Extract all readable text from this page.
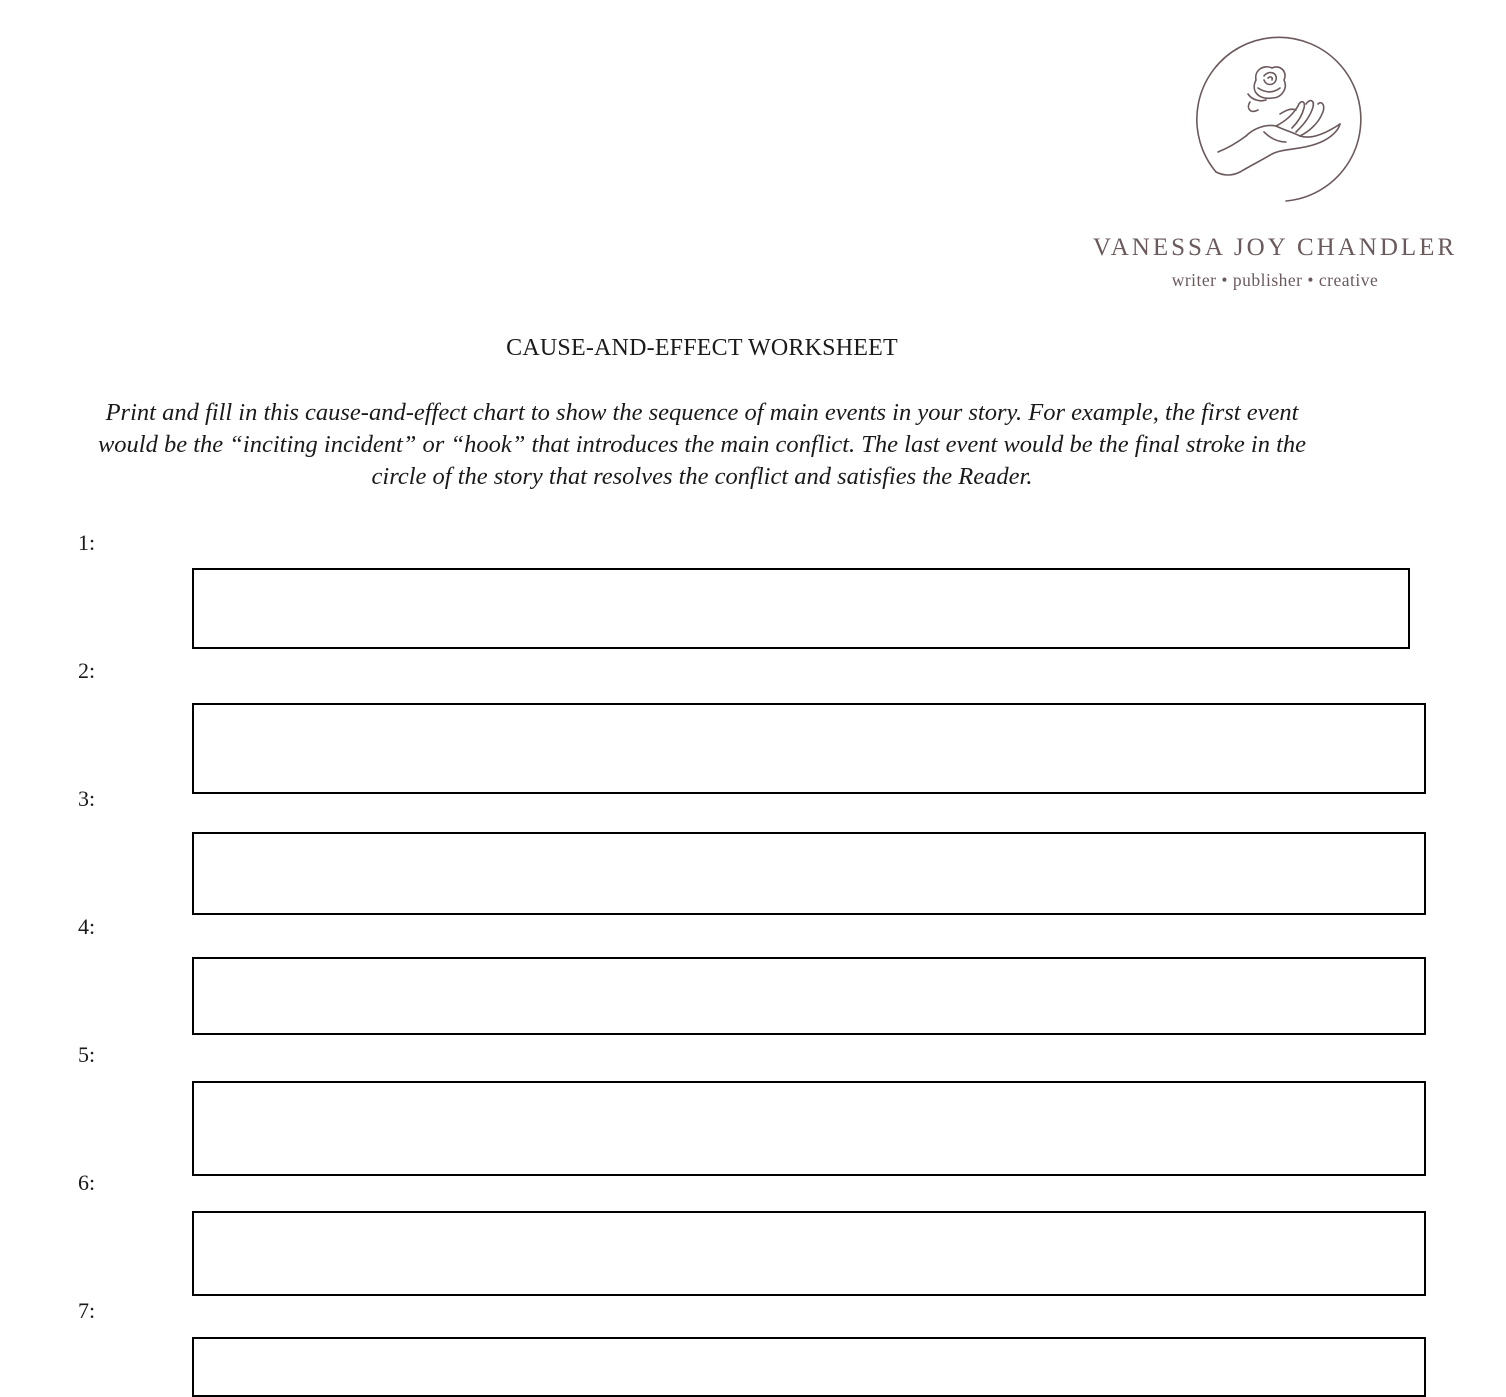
VANESSA JOY CHANDLER
writer • publisher • creative
CAUSE-AND-EFFECT WORKSHEET
Print and fill in this cause-and-effect chart to show the sequence of main events in your story. For example, the first event would be the “inciting incident” or “hook” that introduces the main conflict. The last event would be the final stroke in the circle of the story that resolves the conflict and satisfies the Reader.
1:
2:
3:
4:
5:
6:
7:
